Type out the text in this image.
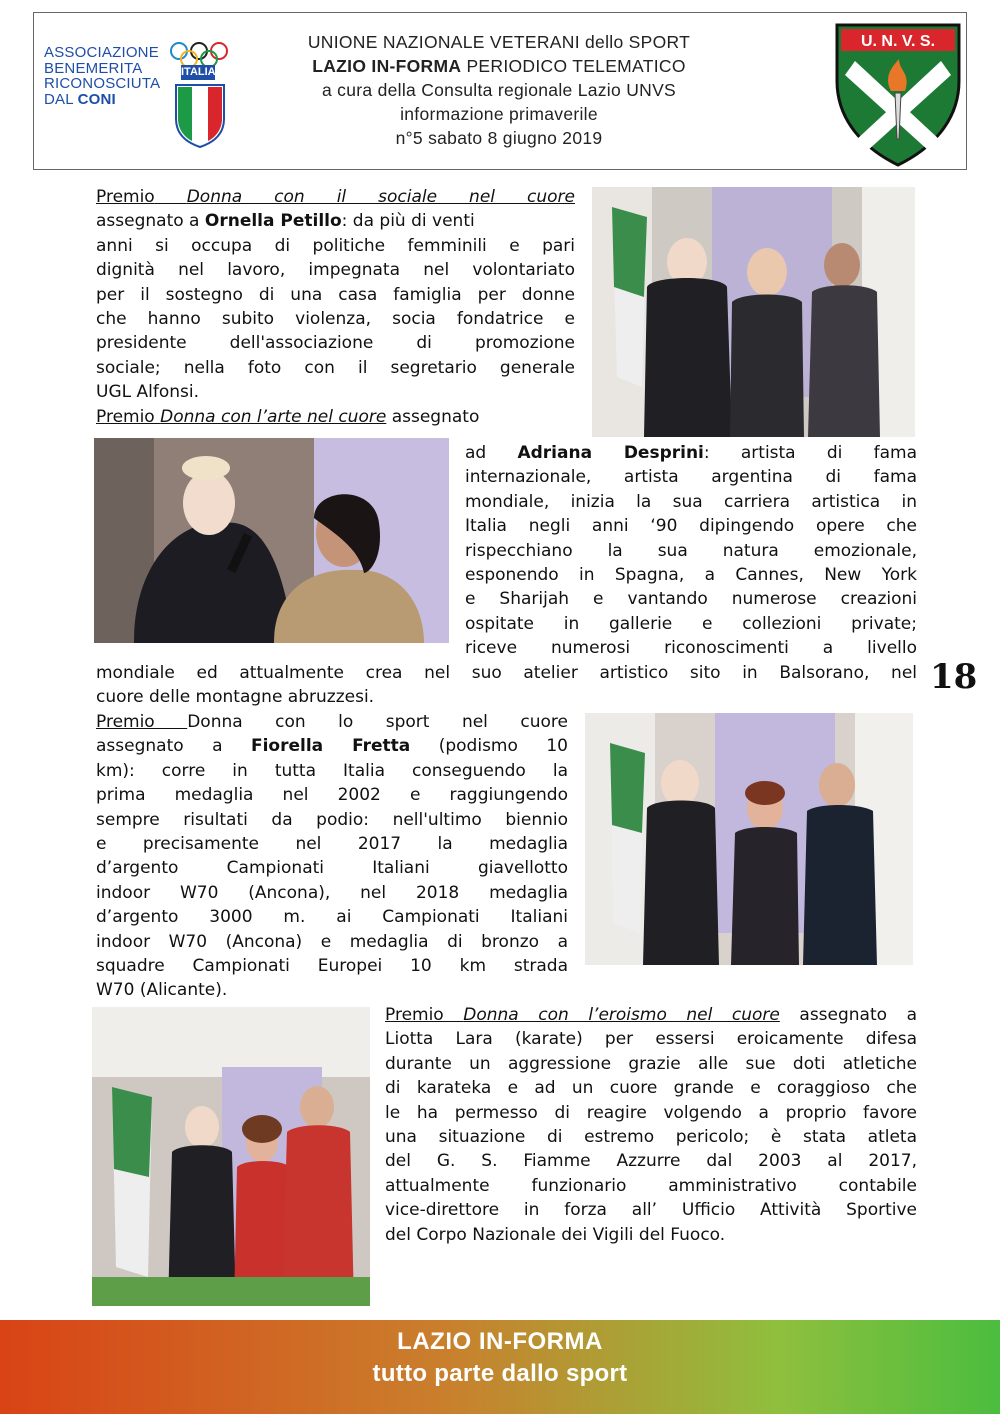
ASSOCIAZIONE
BENEMERITA
RICONOSCIUTA
DAL CONI
ITALIA
UNIONE NAZIONALE VETERANI dello SPORT
LAZIO IN-FORMA PERIODICO TELEMATICO
a cura della Consulta regionale Lazio UNVS
informazione primaverile
n°5 sabato 8 giugno 2019
U. N. V. S.
Premio Donna con il sociale nel cuore
assegnato a Ornella Petillo: da più di venti
anni si occupa di politiche femminili e pari
dignità nel lavoro, impegnata nel volontariato
per il sostegno di una casa famiglia per donne
che hanno subito violenza, socia fondatrice e
presidente dell'associazione di promozione
sociale; nella foto con il segretario generale
UGL Alfonsi.
Premio Donna con l’arte nel cuore assegnato
ad Adriana Desprini: artista di fama
internazionale, artista argentina di fama
mondiale, inizia la sua carriera artistica in
Italia negli anni ‘90 dipingendo opere che
rispecchiano la sua natura emozionale,
esponendo in Spagna, a Cannes, New York
e Sharijah e vantando numerose creazioni
ospitate in gallerie e collezioni private;
riceve numerosi riconoscimenti a livello
mondiale ed attualmente crea nel suo atelier artistico sito in Balsorano, nel
cuore delle montagne abruzzesi.
18
Premio Donna con lo sport nel cuore
assegnato a Fiorella Fretta (podismo 10
km): corre in tutta Italia conseguendo la
prima medaglia nel 2002 e raggiungendo
sempre risultati da podio: nell'ultimo biennio
e precisamente nel 2017 la medaglia
d’argento Campionati Italiani giavellotto
indoor W70 (Ancona), nel 2018 medaglia
d’argento 3000 m. ai Campionati Italiani
indoor W70 (Ancona) e medaglia di bronzo a
squadre Campionati Europei 10 km strada
W70 (Alicante).
Premio Donna con l’eroismo nel cuore assegnato a
Liotta Lara (karate) per essersi eroicamente difesa
durante un aggressione grazie alle sue doti atletiche
di karateka e ad un cuore grande e coraggioso che
le ha permesso di reagire volgendo a proprio favore
una situazione di estremo pericolo; è stata atleta
del G. S. Fiamme Azzurre dal 2003 al 2017,
attualmente funzionario amministrativo contabile
vice-direttore in forza all’ Ufficio Attività Sportive
del Corpo Nazionale dei Vigili del Fuoco.
LAZIO IN-FORMA
tutto parte dallo sport
